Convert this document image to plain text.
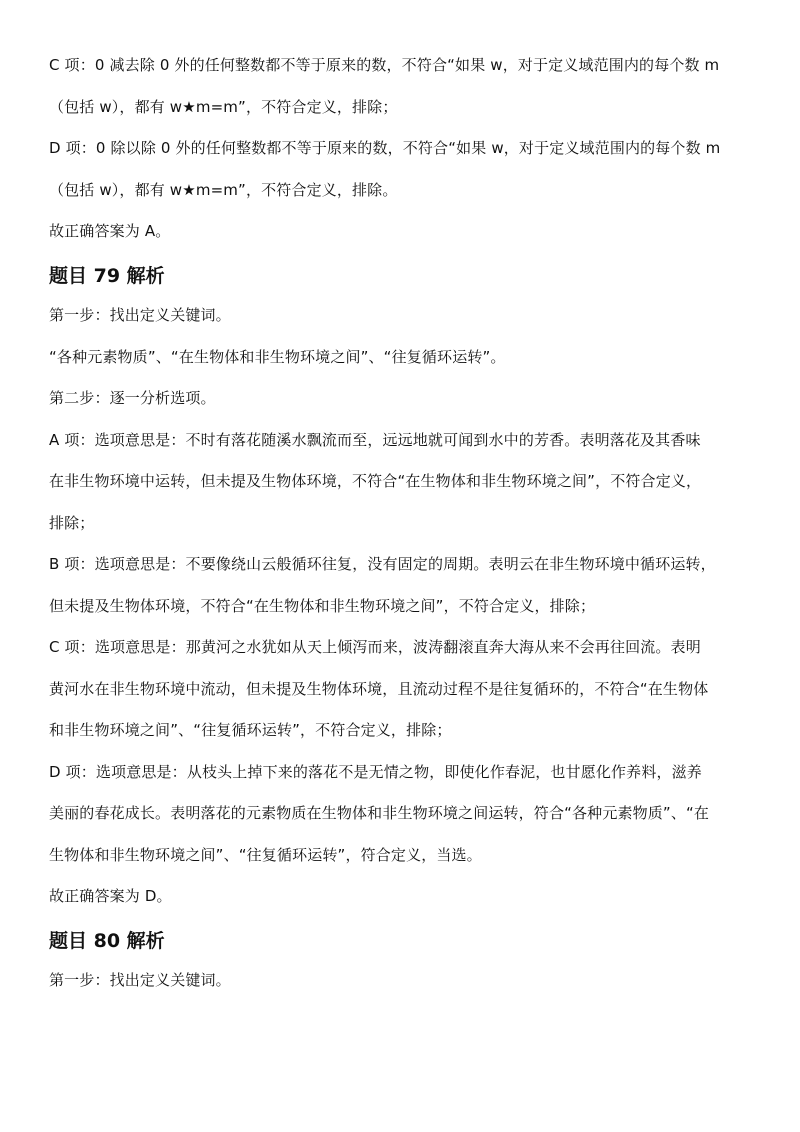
C 项：0 减去除 0 外的任何整数都不等于原来的数，不符合“如果 w，对于定义域范围内的每个数 m
（包括 w），都有 w★m=m”，不符合定义，排除；
D 项：0 除以除 0 外的任何整数都不等于原来的数，不符合“如果 w，对于定义域范围内的每个数 m
（包括 w），都有 w★m=m”，不符合定义，排除。
故正确答案为 A。
题目 79 解析
第一步：找出定义关键词。
“各种元素物质”、“在生物体和非生物环境之间”、“往复循环运转”。
第二步：逐一分析选项。
A 项：选项意思是：不时有落花随溪水飘流而至，远远地就可闻到水中的芳香。表明落花及其香味
在非生物环境中运转，但未提及生物体环境，不符合“在生物体和非生物环境之间”，不符合定义，
排除；
B 项：选项意思是：不要像绕山云般循环往复，没有固定的周期。表明云在非生物环境中循环运转，
但未提及生物体环境，不符合“在生物体和非生物环境之间”，不符合定义，排除；
C 项：选项意思是：那黄河之水犹如从天上倾泻而来，波涛翻滚直奔大海从来不会再往回流。表明
黄河水在非生物环境中流动，但未提及生物体环境，且流动过程不是往复循环的，不符合“在生物体
和非生物环境之间”、“往复循环运转”，不符合定义，排除；
D 项：选项意思是：从枝头上掉下来的落花不是无情之物，即使化作春泥，也甘愿化作养料，滋养
美丽的春花成长。表明落花的元素物质在生物体和非生物环境之间运转，符合“各种元素物质”、“在
生物体和非生物环境之间”、“往复循环运转”，符合定义，当选。
故正确答案为 D。
题目 80 解析
第一步：找出定义关键词。
